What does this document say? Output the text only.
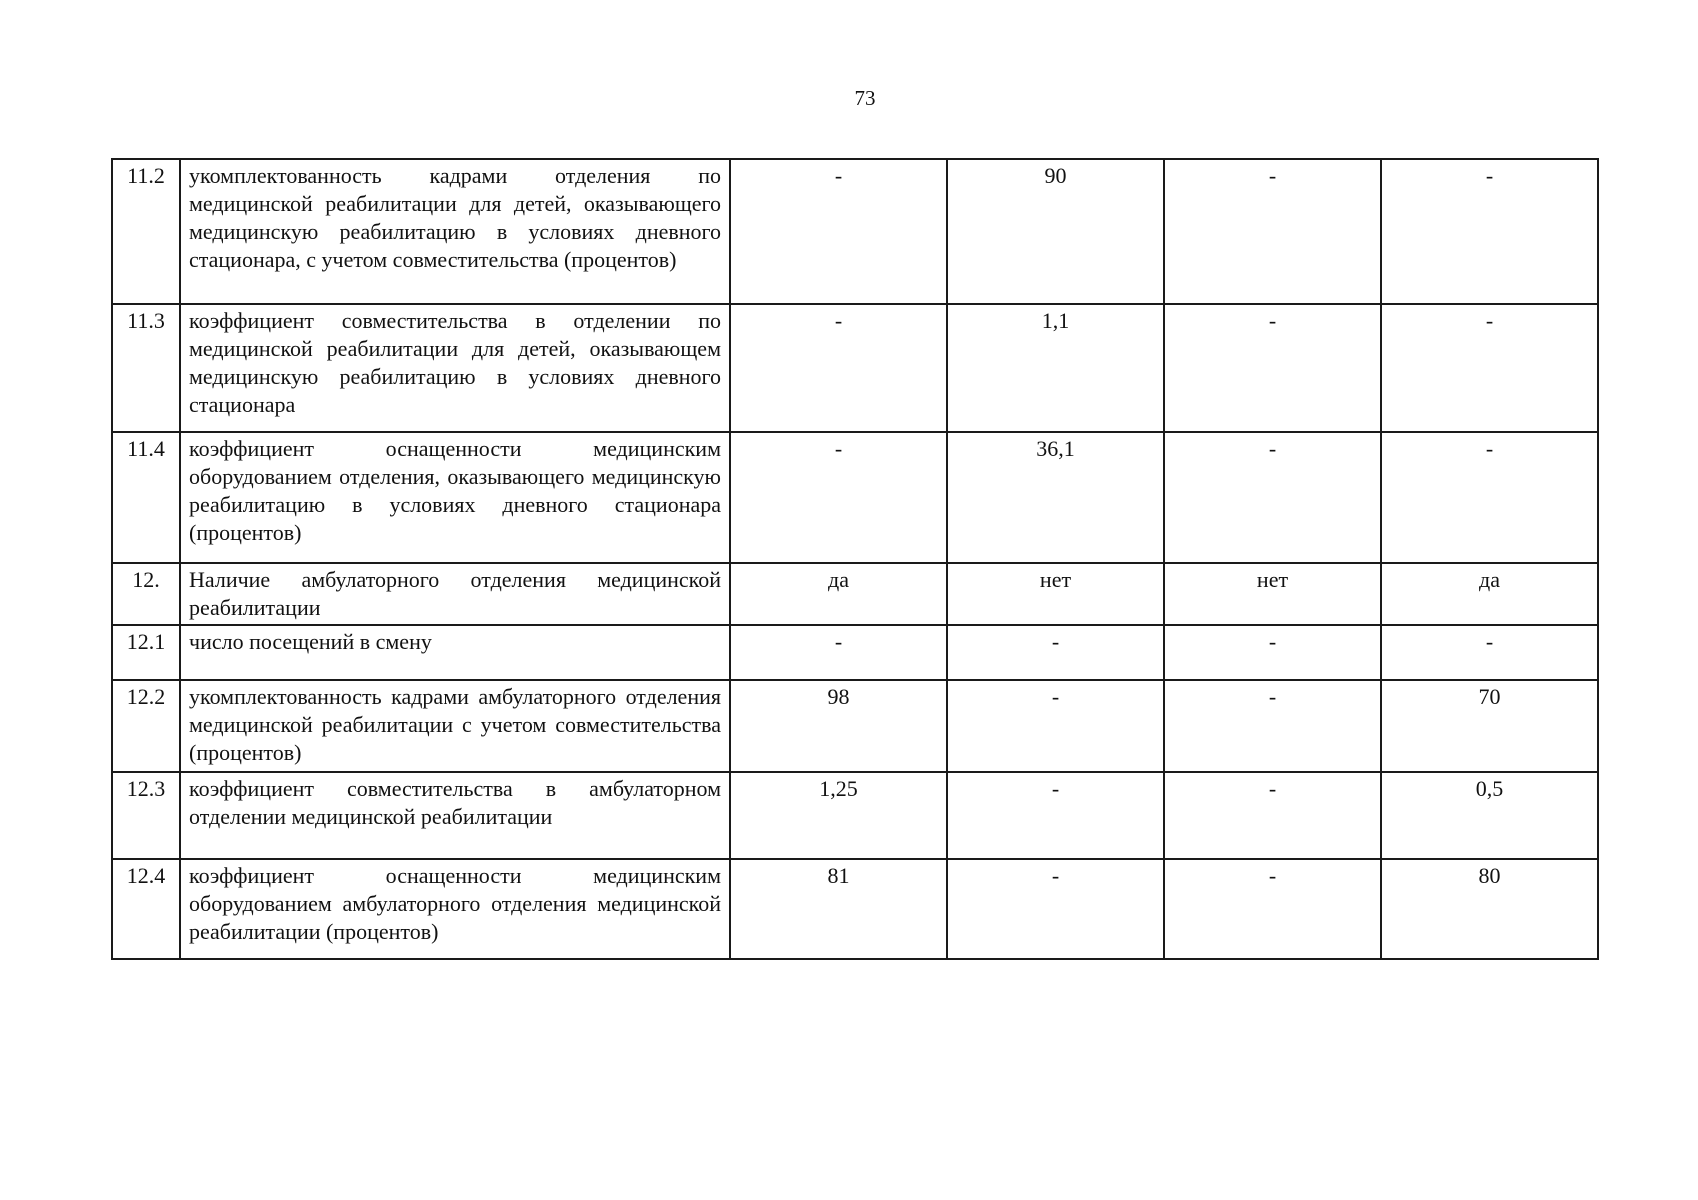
73
11.2	укомплектованность кадрами отделения по медицинской реабилитации для детей, оказывающего медицинскую реабилитацию в условиях дневного стационара, с учетом совместительства (процентов)	-	90	-	-
11.3	коэффициент совместительства в отделении по медицинской реабилитации для детей, оказывающем медицинскую реабилитацию в условиях дневного стационара	-	1,1	-	-
11.4	коэффициент оснащенности медицинским оборудованием отделения, оказывающего медицинскую реабилитацию в условиях дневного стационара (процентов)	-	36,1	-	-
12.	Наличие амбулаторного отделения медицинской реабилитации	да	нет	нет	да
12.1	число посещений в смену	-	-	-	-
12.2	укомплектованность кадрами амбулаторного отделения медицинской реабилитации с учетом совместительства (процентов)	98	-	-	70
12.3	коэффициент совместительства в амбулаторном отделении медицинской реабилитации	1,25	-	-	0,5
12.4	коэффициент оснащенности медицинским оборудованием амбулаторного отделения медицинской реабилитации (процентов)	81	-	-	80
